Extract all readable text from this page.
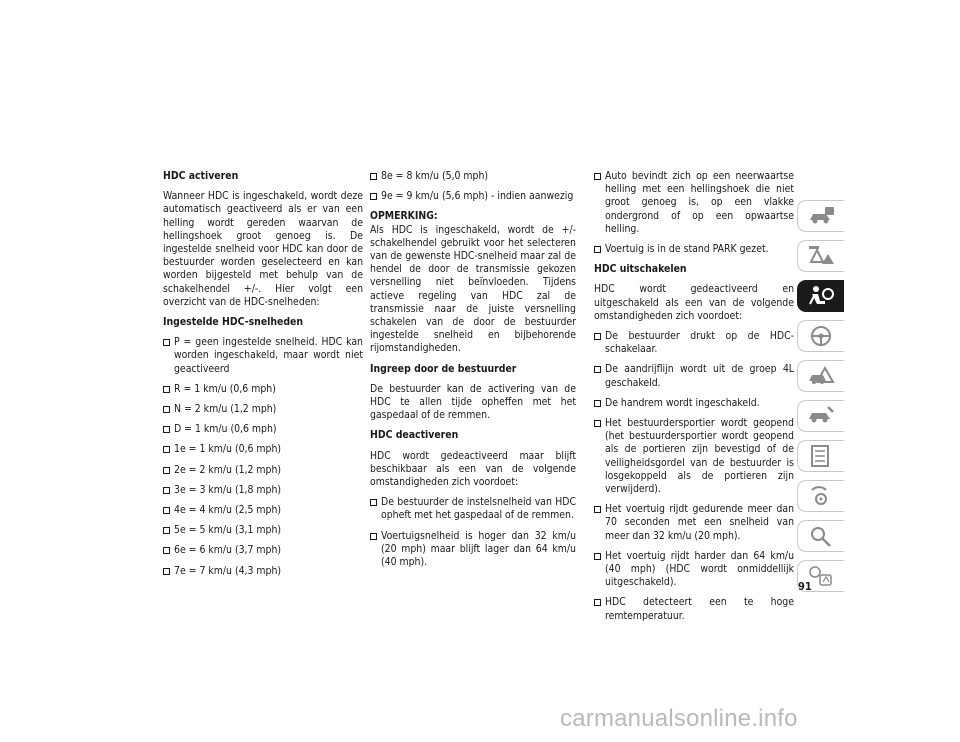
HDC activeren

Wanneer HDC is ingeschakeld, wordt deze automatisch geactiveerd als er van een helling wordt gereden waarvan de hellingshoek groot genoeg is. De ingestelde snelheid voor HDC kan door de bestuurder worden geselecteerd en kan worden bijgesteld met behulp van de schakelhendel +/-. Hier volgt een overzicht van de HDC-snelheden:

Ingestelde HDC-snelheden
P = geen ingestelde snelheid. HDC kan worden ingeschakeld, maar wordt niet geactiveerd
R = 1 km/u (0,6 mph)
N = 2 km/u (1,2 mph)
D = 1 km/u (0,6 mph)
1e = 1 km/u (0,6 mph)
2e = 2 km/u (1,2 mph)
3e = 3 km/u (1,8 mph)
4e = 4 km/u (2,5 mph)
5e = 5 km/u (3,1 mph)
6e = 6 km/u (3,7 mph)
7e = 7 km/u (4,3 mph)
8e = 8 km/u (5,0 mph)
9e = 9 km/u (5,6 mph) - indien aanwezig
OPMERKING:

Als HDC is ingeschakeld, wordt de +/- schakelhendel gebruikt voor het selecteren van de gewenste HDC-snelheid maar zal de hendel de door de transmissie gekozen versnelling niet beïnvloeden. Tijdens actieve regeling van HDC zal de transmissie naar de juiste versnelling schakelen van de door de bestuurder ingestelde snelheid en bijbehorende rijomstandigheden.

Ingreep door de bestuurder

De bestuurder kan de activering van de HDC te allen tijde opheffen met het gaspedaal of de remmen.

HDC deactiveren

HDC wordt gedeactiveerd maar blijft beschikbaar als een van de volgende omstandigheden zich voordoet:

De bestuurder de instelsnelheid van HDC opheft met het gaspedaal of de remmen.
Voertuigsnelheid is hoger dan 32 km/u (20 mph) maar blijft lager dan 64 km/u (40 mph).
Auto bevindt zich op een neerwaartse helling met een hellingshoek die niet groot genoeg is, op een vlakke ondergrond of op een opwaartse helling.
Voertuig is in de stand PARK gezet.
HDC uitschakelen

HDC wordt gedeactiveerd en uitgeschakeld als een van de volgende omstandigheden zich voordoet:

De bestuurder drukt op de HDC-schakelaar.
De aandrijflijn wordt uit de groep 4L geschakeld.
De handrem wordt ingeschakeld.
Het bestuurdersportier wordt geopend (het bestuurdersportier wordt geopend als de portieren zijn bevestigd of de veiligheidsgordel van de bestuurder is losgekoppeld als de portieren zijn verwijderd).
Het voertuig rijdt gedurende meer dan 70 seconden met een snelheid van meer dan 32 km/u (20 mph).
Het voertuig rijdt harder dan 64 km/u (40 mph) (HDC wordt onmiddellijk uitgeschakeld).
HDC detecteert een te hoge remtemperatuur.
91
carmanualsonline.info
